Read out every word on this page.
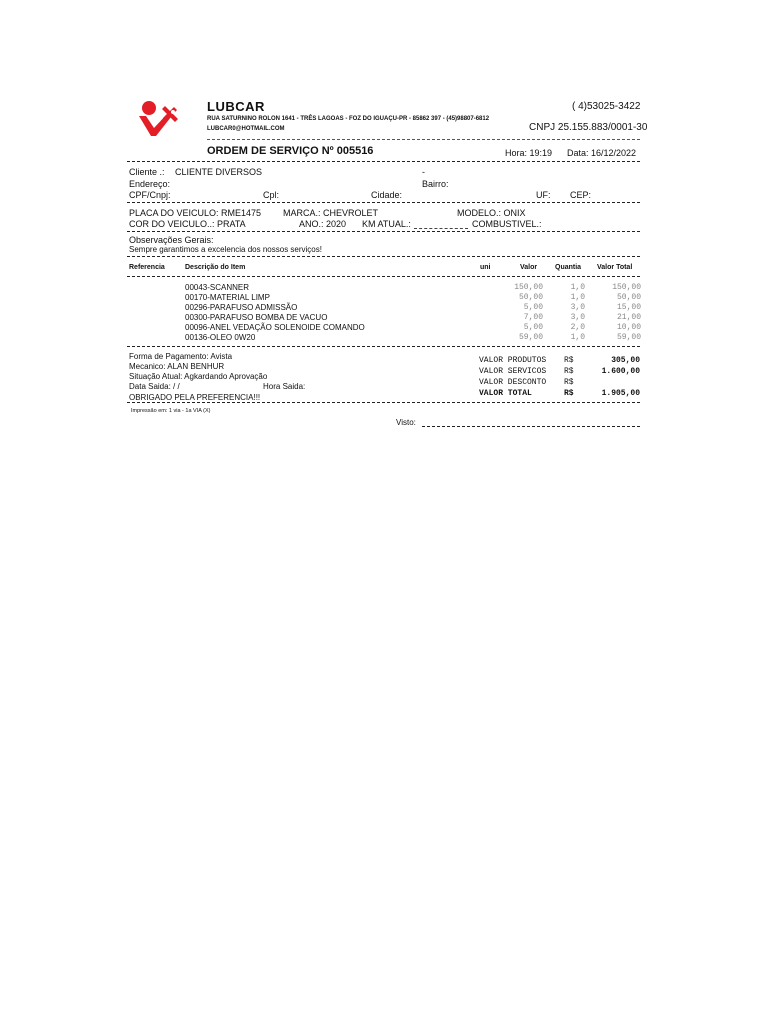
LUBCAR
RUA SATURNINO ROLON 1641 - TRÊS LAGOAS - FOZ DO IGUAÇU-PR - 85862 397 - (45)98807-6812
LUBCAR0@HOTMAIL.COM
( 4)53025-3422
CNPJ 25.155.883/0001-30
ORDEM DE SERVIÇO Nº 005516	Hora: 19:19 Data: 16/12/2022
Cliente .: CLIENTE DIVERSOS	-
Endereço:	Bairro:
CPF/Cnpj:	Cpl:	Cidade:	UF: CEP:
PLACA DO VEICULO: RME1475 MARCA.: CHEVROLET	MODELO.: ONIX
COR DO VEICULO..: PRATA	ANO.: 2020 KM ATUAL.:	COMBUSTIVEL.:
Observações Gerais:
Sempre garantimos a excelencia dos nossos serviços!
Referencia	Descrição do Item	uni	Valor	Quantia Valor Total
00043-SCANNER	150,00	1,0	150,00
00170-MATERIAL LIMP	50,00	1,0	50,00
00296-PARAFUSO ADMISSÃO	5,00	3,0	15,00
00300-PARAFUSO BOMBA DE VACUO	7,00	3,0	21,00
00096-ANEL VEDAÇÃO SOLENOIDE COMANDO	5,00	2,0	10,00
00136-OLEO 0W20	59,00	1,0	59,00
Forma de Pagamento: Avista
Mecanico: ALAN BENHUR
Situação Atual: Agkardando Aprovação
Data Saida: / /	Hora Saida:
OBRIGADO PELA PREFERENCIA!!!
VALOR PRODUTOS R$	305,00
VALOR SERVICOS R$	1.600,00
VALOR DESCONTO R$
VALOR TOTAL	R$	1.905,00
Impressão em: 1 via - 1a VIA (X)
Visto:
